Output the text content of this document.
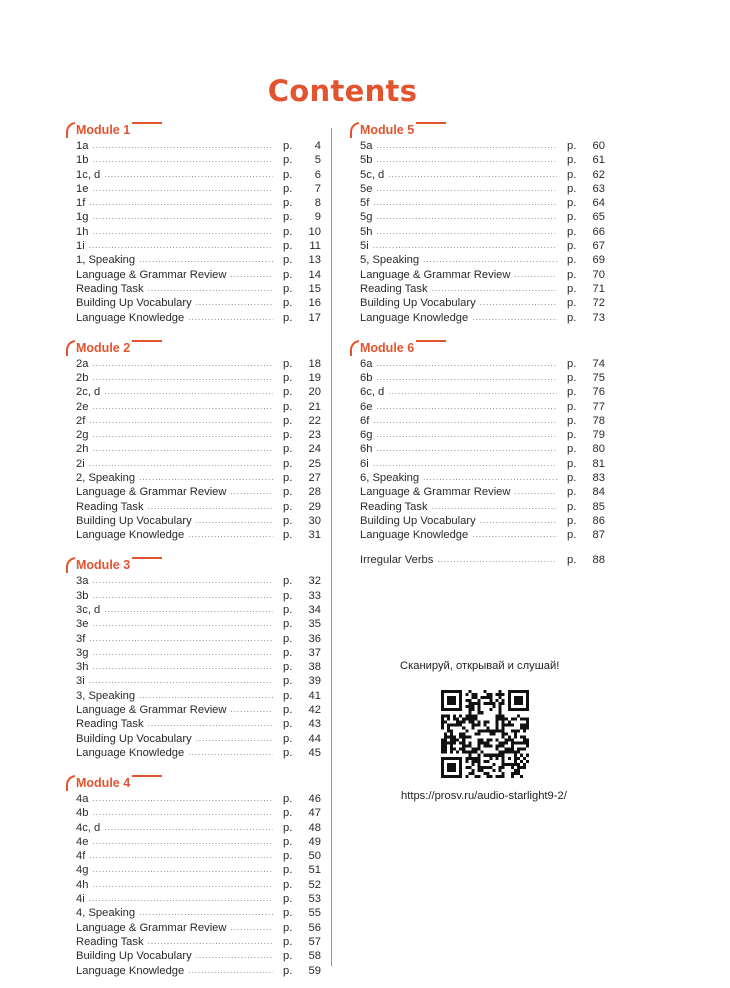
Contents
Module 1
1a .....	p.	4
1b .....	p.	5
1c, d .....	p.	6
1e .....	p.	7
1f .....	p.	8
1g .....	p.	9
1h .....	p.	10
1i .....	p.	11
1, Speaking .....	p.	13
Language & Grammar Review .....	p.	14
Reading Task .....	p.	15
Building Up Vocabulary .....	p.	16
Language Knowledge .....	p.	17
Module 2
2a .....	p.	18
2b .....	p.	19
2c, d .....	p.	20
2e .....	p.	21
2f .....	p.	22
2g .....	p.	23
2h .....	p.	24
2i .....	p.	25
2, Speaking .....	p.	27
Language & Grammar Review .....	p.	28
Reading Task .....	p.	29
Building Up Vocabulary .....	p.	30
Language Knowledge .....	p.	31
Module 3
3a .....	p.	32
3b .....	p.	33
3c, d .....	p.	34
3e .....	p.	35
3f .....	p.	36
3g .....	p.	37
3h .....	p.	38
3i .....	p.	39
3, Speaking .....	p.	41
Language & Grammar Review .....	p.	42
Reading Task .....	p.	43
Building Up Vocabulary .....	p.	44
Language Knowledge .....	p.	45
Module 4
4a .....	p.	46
4b .....	p.	47
4c, d .....	p.	48
4e .....	p.	49
4f .....	p.	50
4g .....	p.	51
4h .....	p.	52
4i .....	p.	53
4, Speaking .....	p.	55
Language & Grammar Review .....	p.	56
Reading Task .....	p.	57
Building Up Vocabulary .....	p.	58
Language Knowledge .....	p.	59
Module 5
5a .....	p.	60
5b .....	p.	61
5c, d .....	p.	62
5e .....	p.	63
5f .....	p.	64
5g .....	p.	65
5h .....	p.	66
5i .....	p.	67
5, Speaking .....	p.	69
Language & Grammar Review .....	p.	70
Reading Task .....	p.	71
Building Up Vocabulary .....	p.	72
Language Knowledge .....	p.	73
Module 6
6a .....	p.	74
6b .....	p.	75
6c, d .....	p.	76
6e .....	p.	77
6f .....	p.	78
6g .....	p.	79
6h .....	p.	80
6i .....	p.	81
6, Speaking .....	p.	83
Language & Grammar Review .....	p.	84
Reading Task .....	p.	85
Building Up Vocabulary .....	p.	86
Language Knowledge .....	p.	87
Irregular Verbs .....	p.	88
Сканируй, открывай и слушай!
https://prosv.ru/audio-starlight9-2/
